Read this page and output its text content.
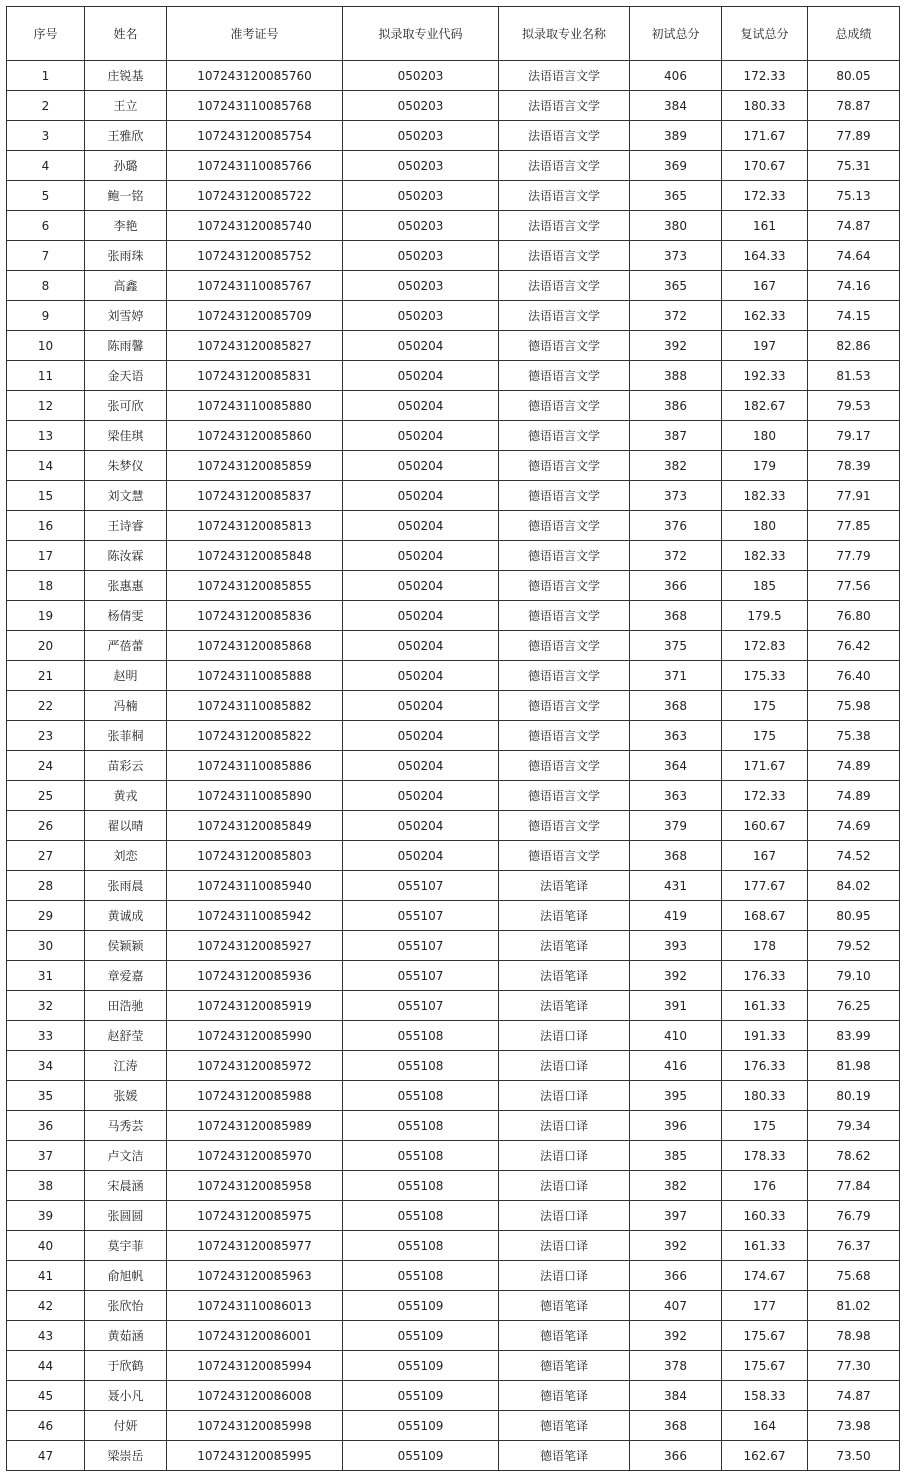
序号	姓名	准考证号	拟录取专业代码	拟录取专业名称	初试总分	复试总分	总成绩
1	庄锐基	107243120085760	050203	法语语言文学	406	172.33	80.05
2	王立	107243110085768	050203	法语语言文学	384	180.33	78.87
3	王雅欣	107243120085754	050203	法语语言文学	389	171.67	77.89
4	孙璐	107243110085766	050203	法语语言文学	369	170.67	75.31
5	鲍一铭	107243120085722	050203	法语语言文学	365	172.33	75.13
6	李艳	107243120085740	050203	法语语言文学	380	161	74.87
7	张雨珠	107243120085752	050203	法语语言文学	373	164.33	74.64
8	高鑫	107243110085767	050203	法语语言文学	365	167	74.16
9	刘雪婷	107243120085709	050203	法语语言文学	372	162.33	74.15
10	陈雨馨	107243120085827	050204	德语语言文学	392	197	82.86
11	金天语	107243120085831	050204	德语语言文学	388	192.33	81.53
12	张可欣	107243110085880	050204	德语语言文学	386	182.67	79.53
13	梁佳琪	107243120085860	050204	德语语言文学	387	180	79.17
14	朱梦仪	107243120085859	050204	德语语言文学	382	179	78.39
15	刘文慧	107243120085837	050204	德语语言文学	373	182.33	77.91
16	王诗睿	107243120085813	050204	德语语言文学	376	180	77.85
17	陈汝霖	107243120085848	050204	德语语言文学	372	182.33	77.79
18	张惠惠	107243120085855	050204	德语语言文学	366	185	77.56
19	杨倩雯	107243120085836	050204	德语语言文学	368	179.5	76.80
20	严蓓蕾	107243120085868	050204	德语语言文学	375	172.83	76.42
21	赵明	107243110085888	050204	德语语言文学	371	175.33	76.40
22	冯楠	107243110085882	050204	德语语言文学	368	175	75.98
23	张菲桐	107243120085822	050204	德语语言文学	363	175	75.38
24	苗彩云	107243110085886	050204	德语语言文学	364	171.67	74.89
25	黄戎	107243110085890	050204	德语语言文学	363	172.33	74.89
26	翟以晴	107243120085849	050204	德语语言文学	379	160.67	74.69
27	刘恋	107243120085803	050204	德语语言文学	368	167	74.52
28	张雨晨	107243110085940	055107	法语笔译	431	177.67	84.02
29	黄诚成	107243110085942	055107	法语笔译	419	168.67	80.95
30	侯颖颖	107243120085927	055107	法语笔译	393	178	79.52
31	章爱嘉	107243120085936	055107	法语笔译	392	176.33	79.10
32	田浩驰	107243120085919	055107	法语笔译	391	161.33	76.25
33	赵舒莹	107243120085990	055108	法语口译	410	191.33	83.99
34	江涛	107243120085972	055108	法语口译	416	176.33	81.98
35	张媛	107243120085988	055108	法语口译	395	180.33	80.19
36	马秀芸	107243120085989	055108	法语口译	396	175	79.34
37	卢文洁	107243120085970	055108	法语口译	385	178.33	78.62
38	宋晨涵	107243120085958	055108	法语口译	382	176	77.84
39	张圆圆	107243120085975	055108	法语口译	397	160.33	76.79
40	莫宇菲	107243120085977	055108	法语口译	392	161.33	76.37
41	俞旭帆	107243120085963	055108	法语口译	366	174.67	75.68
42	张欣怡	107243110086013	055109	德语笔译	407	177	81.02
43	黄茹涵	107243120086001	055109	德语笔译	392	175.67	78.98
44	于欣鹤	107243120085994	055109	德语笔译	378	175.67	77.30
45	聂小凡	107243120086008	055109	德语笔译	384	158.33	74.87
46	付妍	107243120085998	055109	德语笔译	368	164	73.98
47	梁崇岳	107243120085995	055109	德语笔译	366	162.67	73.50
